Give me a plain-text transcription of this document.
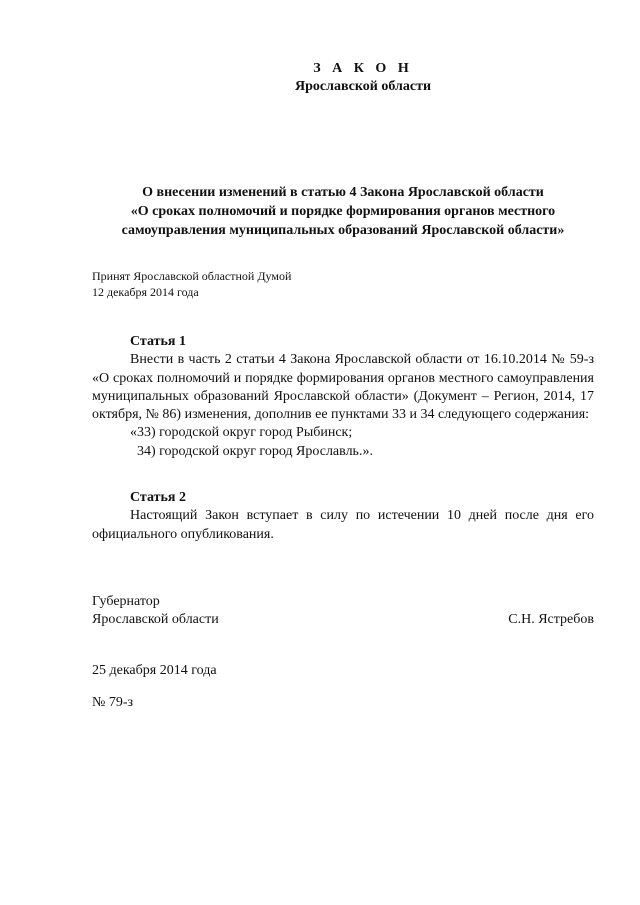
З А К О Н
Ярославской области
О внесении изменений в статью 4 Закона Ярославской области
«О сроках полномочий и порядке формирования органов местного
самоуправления муниципальных образований Ярославской области»
Принят Ярославской областной Думой
12 декабря 2014 года
Статья 1
Внести в часть 2 статьи 4 Закона Ярославской области от 16.10.2014 № 59-з «О сроках полномочий и порядке формирования органов местного самоуправления муниципальных образований Ярославской области» (Документ – Регион, 2014, 17 октября, № 86) изменения, дополнив ее пунктами 33 и 34 следующего содержания:
«33) городской округ город Рыбинск;
34) городской округ город Ярославль.».
Статья 2
Настоящий Закон вступает в силу по истечении 10 дней после дня его официального опубликования.
Губернатор
Ярославской области	С.Н. Ястребов
25 декабря 2014 года
№ 79-з
